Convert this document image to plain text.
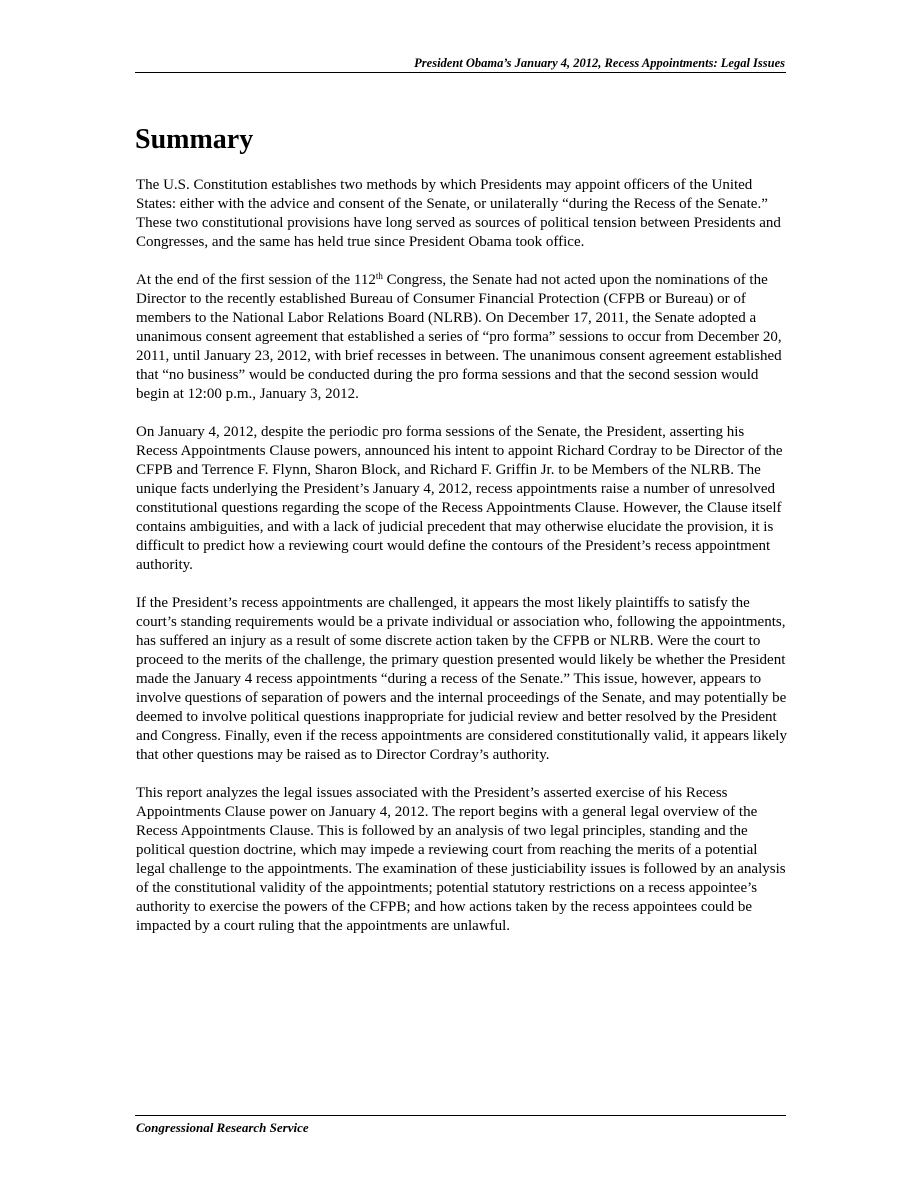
President Obama’s January 4, 2012, Recess Appointments: Legal Issues
Summary

The U.S. Constitution establishes two methods by which Presidents may appoint officers of the United States: either with the advice and consent of the Senate, or unilaterally “during the Recess of the Senate.” These two constitutional provisions have long served as sources of political tension between Presidents and Congresses, and the same has held true since President Obama took office.

At the end of the first session of the 112th Congress, the Senate had not acted upon the nominations of the Director to the recently established Bureau of Consumer Financial Protection (CFPB or Bureau) or of members to the National Labor Relations Board (NLRB). On December 17, 2011, the Senate adopted a unanimous consent agreement that established a series of “pro forma” sessions to occur from December 20, 2011, until January 23, 2012, with brief recesses in between. The unanimous consent agreement established that “no business” would be conducted during the pro forma sessions and that the second session would begin at 12:00 p.m., January 3, 2012.

On January 4, 2012, despite the periodic pro forma sessions of the Senate, the President, asserting his Recess Appointments Clause powers, announced his intent to appoint Richard Cordray to be Director of the CFPB and Terrence F. Flynn, Sharon Block, and Richard F. Griffin Jr. to be Members of the NLRB. The unique facts underlying the President’s January 4, 2012, recess appointments raise a number of unresolved constitutional questions regarding the scope of the Recess Appointments Clause. However, the Clause itself contains ambiguities, and with a lack of judicial precedent that may otherwise elucidate the provision, it is difficult to predict how a reviewing court would define the contours of the President’s recess appointment authority.

If the President’s recess appointments are challenged, it appears the most likely plaintiffs to satisfy the court’s standing requirements would be a private individual or association who, following the appointments, has suffered an injury as a result of some discrete action taken by the CFPB or NLRB. Were the court to proceed to the merits of the challenge, the primary question presented would likely be whether the President made the January 4 recess appointments “during a recess of the Senate.” This issue, however, appears to involve questions of separation of powers and the internal proceedings of the Senate, and may potentially be deemed to involve political questions inappropriate for judicial review and better resolved by the President and Congress. Finally, even if the recess appointments are considered constitutionally valid, it appears likely that other questions may be raised as to Director Cordray’s authority.

This report analyzes the legal issues associated with the President’s asserted exercise of his Recess Appointments Clause power on January 4, 2012. The report begins with a general legal overview of the Recess Appointments Clause. This is followed by an analysis of two legal principles, standing and the political question doctrine, which may impede a reviewing court from reaching the merits of a potential legal challenge to the appointments. The examination of these justiciability issues is followed by an analysis of the constitutional validity of the appointments; potential statutory restrictions on a recess appointee’s authority to exercise the powers of the CFPB; and how actions taken by the recess appointees could be impacted by a court ruling that the appointments are unlawful.

Congressional Research Service
